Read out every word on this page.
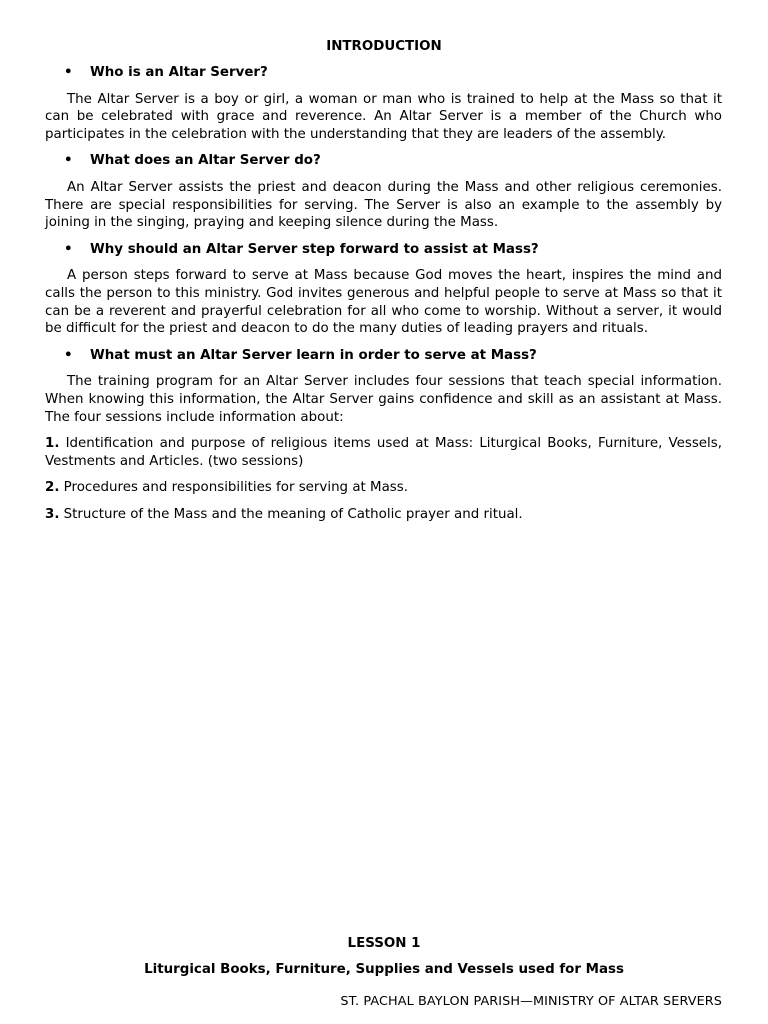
INTRODUCTION
• Who is an Altar Server?

The Altar Server is a boy or girl, a woman or man who is trained to help at the Mass so that it can be celebrated with grace and reverence. An Altar Server is a member of the Church who participates in the celebration with the understanding that they are leaders of the assembly.

• What does an Altar Server do?

An Altar Server assists the priest and deacon during the Mass and other religious ceremonies. There are special responsibilities for serving. The Server is also an example to the assembly by joining in the singing, praying and keeping silence during the Mass.

• Why should an Altar Server step forward to assist at Mass?

A person steps forward to serve at Mass because God moves the heart, inspires the mind and calls the person to this ministry. God invites generous and helpful people to serve at Mass so that it can be a reverent and prayerful celebration for all who come to worship. Without a server, it would be difficult for the priest and deacon to do the many duties of leading prayers and rituals.

• What must an Altar Server learn in order to serve at Mass?

The training program for an Altar Server includes four sessions that teach special information. When knowing this information, the Altar Server gains confidence and skill as an assistant at Mass. The four sessions include information about:

1. Identification and purpose of religious items used at Mass: Liturgical Books, Furniture, Vessels, Vestments and Articles. (two sessions)

2. Procedures and responsibilities for serving at Mass.

3. Structure of the Mass and the meaning of Catholic prayer and ritual.

LESSON 1

Liturgical Books, Furniture, Supplies and Vessels used for Mass

ST. PACHAL BAYLON PARISH—MINISTRY OF ALTAR SERVERS
